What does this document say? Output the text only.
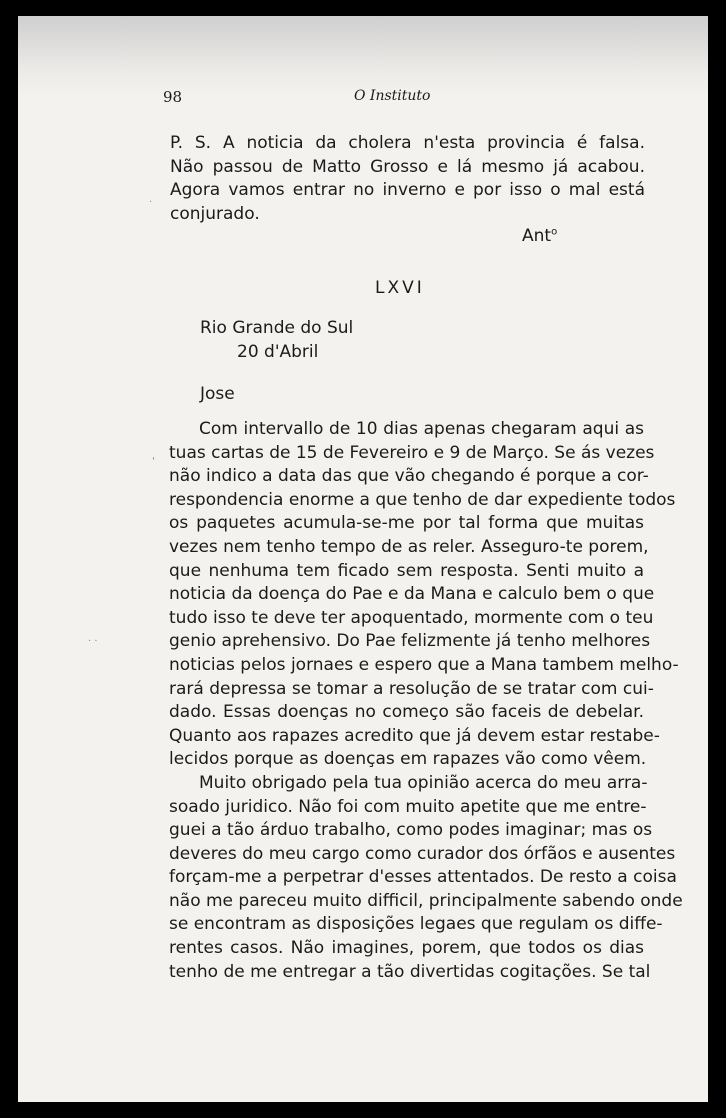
98	O Instituto
P. S. A noticia da cholera n'esta provincia é falsa.
Não passou de Matto Grosso e lá mesmo já acabou.
Agora vamos entrar no inverno e por isso o mal está
conjurado.
Ant$^o$
LXVI
Rio Grande do Sul
20 d'Abril
Jose
Com intervallo de 10 dias apenas chegaram aqui as
tuas cartas de 15 de Fevereiro e 9 de Março. Se ás vezes
não indico a data das que vão chegando é porque a cor-
respondencia enorme a que tenho de dar expediente todos
os paquetes acumula-se-me por tal forma que muitas
vezes nem tenho tempo de as reler. Asseguro-te porem,
que nenhuma tem ficado sem resposta. Senti muito a
noticia da doença do Pae e da Mana e calculo bem o que
tudo isso te deve ter apoquentado, mormente com o teu
genio aprehensivo. Do Pae felizmente já tenho melhores
noticias pelos jornaes e espero que a Mana tambem melho-
rará depressa se tomar a resolução de se tratar com cui-
dado. Essas doenças no começo são faceis de debelar.
Quanto aos rapazes acredito que já devem estar restabe-
lecidos porque as doenças em rapazes vão como vêem.
Muito obrigado pela tua opinião acerca do meu arra-
soado juridico. Não foi com muito apetite que me entre-
guei a tão árduo trabalho, como podes imaginar; mas os
deveres do meu cargo como curador dos órfãos e ausentes
forçam-me a perpetrar d'esses attentados. De resto a coisa
não me pareceu muito difficil, principalmente sabendo onde
se encontram as disposições legaes que regulam os diffe-
rentes casos. Não imagines, porem, que todos os dias
tenho de me entregar a tão divertidas cogitações. Se tal
. .
'
.
